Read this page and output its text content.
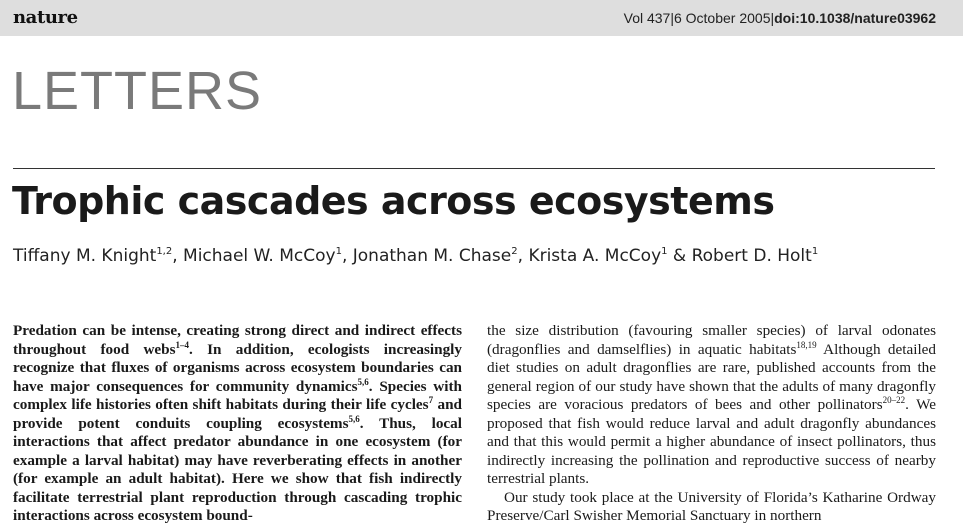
nature	Vol 437|6 October 2005|doi:10.1038/nature03962
LETTERS
Trophic cascades across ecosystems
Tiffany M. Knight$^{1,2}$, Michael W. McCoy$^1$, Jonathan M. Chase$^2$, Krista A. McCoy$^1$ & Robert D. Holt$^1$

Predation can be intense, creating strong direct and indirect effects throughout food webs$^{1-4}$. In addition, ecologists increasingly recognize that fluxes of organisms across ecosystem boundaries can have major consequences for community dynamics$^{5,6}$. Species with complex life histories often shift habitats during their life cycles$^7$ and provide potent conduits coupling ecosystems$^{5,6}$. Thus, local interactions that affect predator abundance in one ecosystem (for example a larval habitat) may have reverberating effects in another (for example an adult habitat). Here we show that fish indirectly facilitate terrestrial plant reproduction through cascading trophic interactions across ecosystem bound-

the size distribution (favouring smaller species) of larval odonates (dragonflies and damselflies) in aquatic habitats$^{18,19}$ Although detailed diet studies on adult dragonflies are rare, published accounts from the general region of our study have shown that the adults of many dragonfly species are voracious predators of bees and other pollinators$^{20-22}$. We proposed that fish would reduce larval and adult dragonfly abundances and that this would permit a higher abundance of insect pollinators, thus indirectly increasing the pollination and reproductive success of nearby terrestrial plants.

Our study took place at the University of Florida’s Katharine Ordway Preserve/Carl Swisher Memorial Sanctuary in northern
